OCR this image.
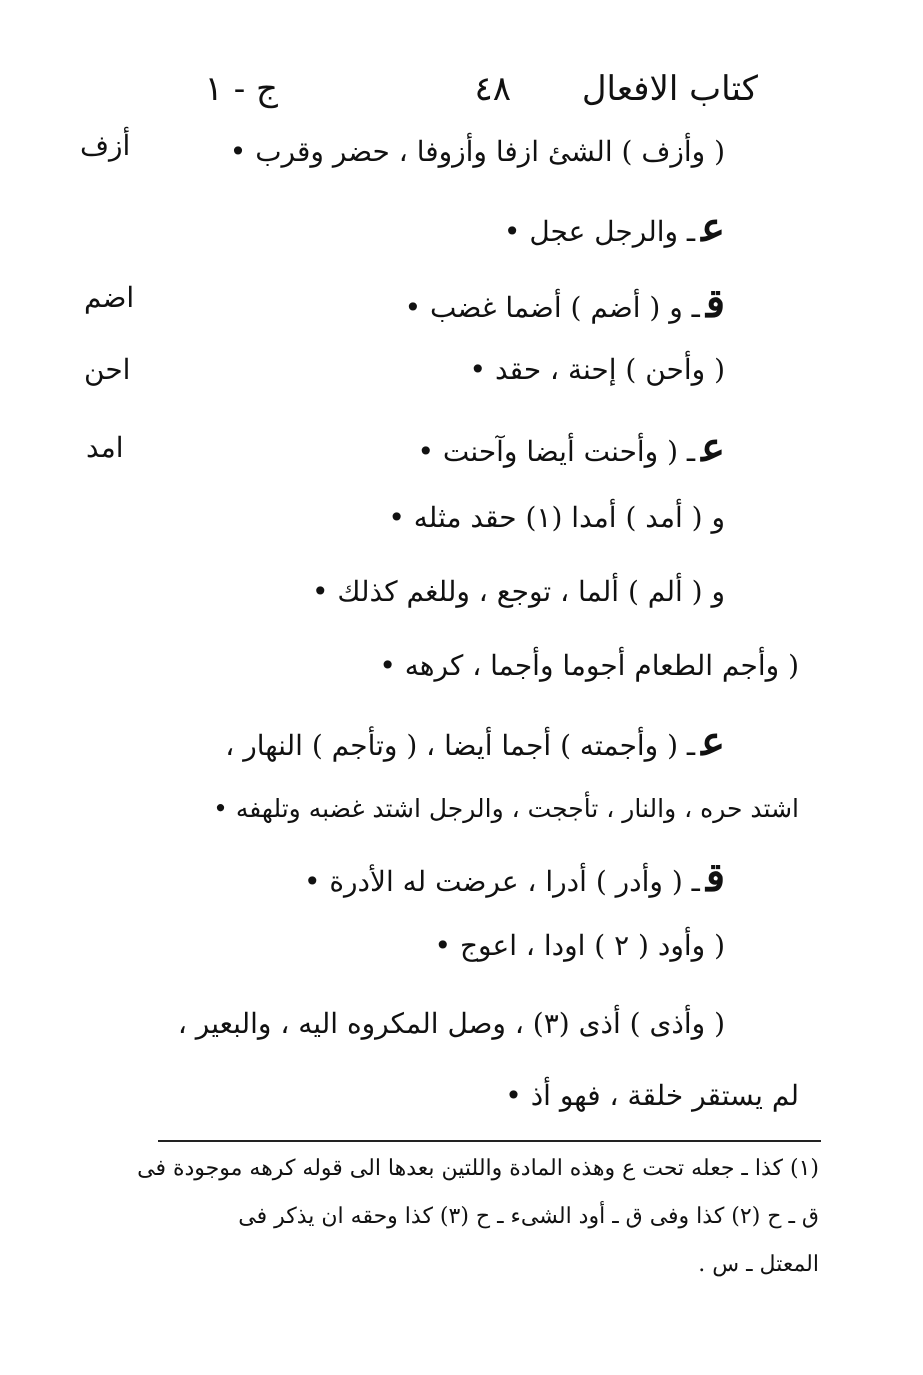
كتاب الافعال
٤٨
ج - ١
أزف
اضم
احن
امد
( وأزف ) الشئ ازفا وأزوفا ، حضر وقرب •
عـ والرجل عجل •
قـ و ( أضم ) أضما غضب •
( وأحن ) إحنة ، حقد •
عـ ( وأحنت أيضا وآحنت •
و ( أمد ) أمدا (١) حقد مثله •
و ( ألم ) ألما ، توجع ، وللغم كذلك •
( وأجم الطعام أجوما وأجما ، كرهه •
عـ ( وأجمته ) أجما أيضا ، ( وتأجم ) النهار ،
اشتد حره ، والنار ، تأججت ، والرجل اشتد غضبه وتلهفه •
قـ ( وأدر ) أدرا ، عرضت له الأدرة •
( وأود ( ٢ ) اودا ، اعوج •
( وأذى ) أذى (٣) ، وصل المكروه اليه ، والبعير ،
لم يستقر خلقة ، فهو أذ •
(١) كذا ـ جعله تحت ع وهذه المادة واللتين بعدها الى قوله كرهه موجودة فى
ق ـ ح (٢) كذا وفى ق ـ أود الشىء ـ ح (٣) كذا وحقه ان يذكر فى
المعتل ـ س .
